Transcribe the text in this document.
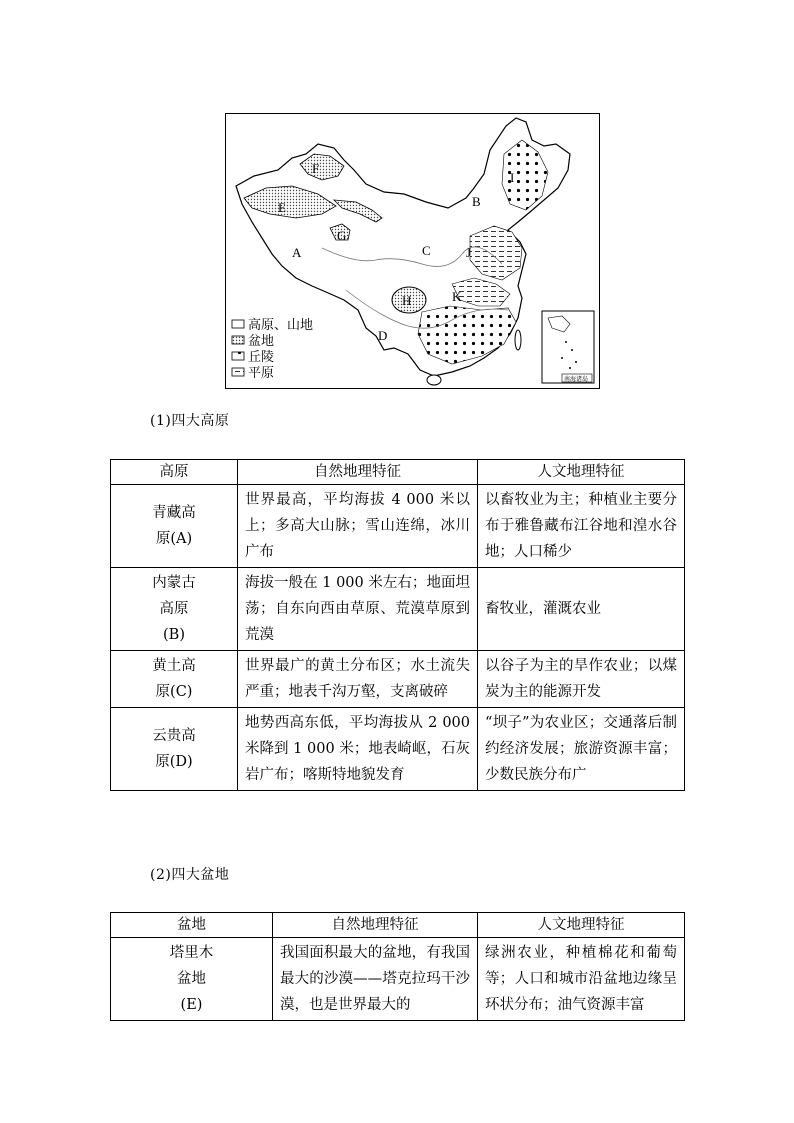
A
B
C
D
E
F
G
H
I
J
K
高原、山地
盆地
丘陵
平原	南海诸岛
(1)四大高原
高原	自然地理特征	人文地理特征

青藏高原(A)	世界最高，平均海拔 4 000 米以上；多高大山脉；雪山连绵，冰川广布	以畜牧业为主；种植业主要分布于雅鲁藏布江谷地和湟水谷地；人口稀少

内蒙古高原(B)	海拔一般在 1 000 米左右；地面坦荡；自东向西由草原、荒漠草原到荒漠	畜牧业，灌溉农业

黄土高原(C)	世界最广的黄土分布区；水土流失严重；地表千沟万壑，支离破碎	以谷子为主的旱作农业；以煤炭为主的能源开发

云贵高原(D)	地势西高东低，平均海拔从 2 000 米降到 1 000 米；地表崎岖，石灰岩广布；喀斯特地貌发育	“坝子”为农业区；交通落后制约经济发展；旅游资源丰富；少数民族分布广
(2)四大盆地
盆地	自然地理特征	人文地理特征

塔里木盆地(E)	我国面积最大的盆地，有我国最大的沙漠——塔克拉玛干沙漠，也是世界最大的	绿洲农业，种植棉花和葡萄等；人口和城市沿盆地边缘呈环状分布；油气资源丰富
